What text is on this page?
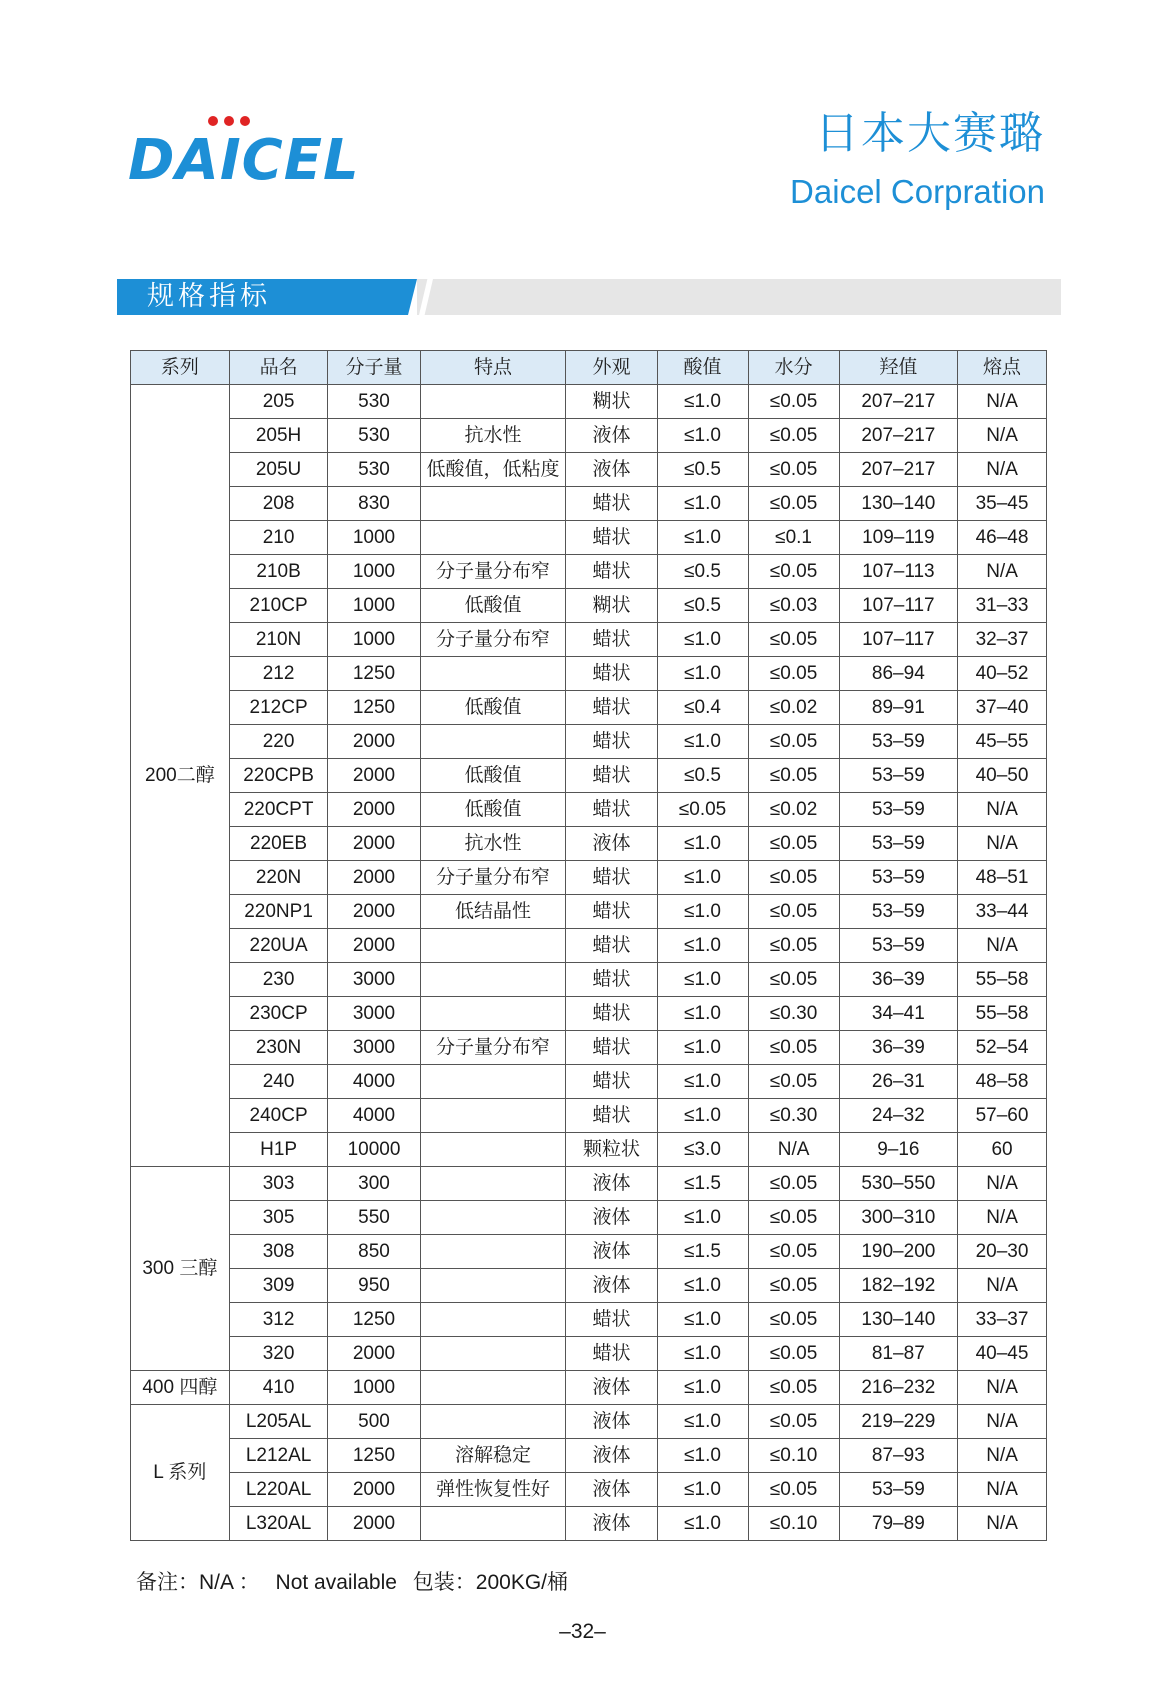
DAICEL	日本大赛璐
Daicel Corpration
规格指标
系列	品名	分子量	特点	外观	酸值	水分	羟值	熔点
200二醇	205	530		糊状	≤1.0	≤0.05	207–217	N/A
	205H	530	抗水性	液体	≤1.0	≤0.05	207–217	N/A
	205U	530	低酸值，低粘度	液体	≤0.5	≤0.05	207–217	N/A
	208	830		蜡状	≤1.0	≤0.05	130–140	35–45
	210	1000		蜡状	≤1.0	≤0.1	109–119	46–48
	210B	1000	分子量分布窄	蜡状	≤0.5	≤0.05	107–113	N/A
	210CP	1000	低酸值	糊状	≤0.5	≤0.03	107–117	31–33
	210N	1000	分子量分布窄	蜡状	≤1.0	≤0.05	107–117	32–37
	212	1250		蜡状	≤1.0	≤0.05	86–94	40–52
	212CP	1250	低酸值	蜡状	≤0.4	≤0.02	89–91	37–40
	220	2000		蜡状	≤1.0	≤0.05	53–59	45–55
	220CPB	2000	低酸值	蜡状	≤0.5	≤0.05	53–59	40–50
	220CPT	2000	低酸值	蜡状	≤0.05	≤0.02	53–59	N/A
	220EB	2000	抗水性	液体	≤1.0	≤0.05	53–59	N/A
	220N	2000	分子量分布窄	蜡状	≤1.0	≤0.05	53–59	48–51
	220NP1	2000	低结晶性	蜡状	≤1.0	≤0.05	53–59	33–44
	220UA	2000		蜡状	≤1.0	≤0.05	53–59	N/A
	230	3000		蜡状	≤1.0	≤0.05	36–39	55–58
	230CP	3000		蜡状	≤1.0	≤0.30	34–41	55–58
	230N	3000	分子量分布窄	蜡状	≤1.0	≤0.05	36–39	52–54
	240	4000		蜡状	≤1.0	≤0.05	26–31	48–58
	240CP	4000		蜡状	≤1.0	≤0.30	24–32	57–60
	H1P	10000		颗粒状	≤3.0	N/A	9–16	60
300 三醇	303	300		液体	≤1.5	≤0.05	530–550	N/A
	305	550		液体	≤1.0	≤0.05	300–310	N/A
	308	850		液体	≤1.5	≤0.05	190–200	20–30
	309	950		液体	≤1.0	≤0.05	182–192	N/A
	312	1250		蜡状	≤1.0	≤0.05	130–140	33–37
	320	2000		蜡状	≤1.0	≤0.05	81–87	40–45
400 四醇	410	1000		液体	≤1.0	≤0.05	216–232	N/A
L 系列	L205AL	500		液体	≤1.0	≤0.05	219–229	N/A
	L212AL	1250	溶解稳定	液体	≤1.0	≤0.10	87–93	N/A
	L220AL	2000	弹性恢复性好	液体	≤1.0	≤0.05	53–59	N/A
	L320AL	2000		液体	≤1.0	≤0.10	79–89	N/A
备注：N/A ： Not available 包装：200KG/桶
–32–
